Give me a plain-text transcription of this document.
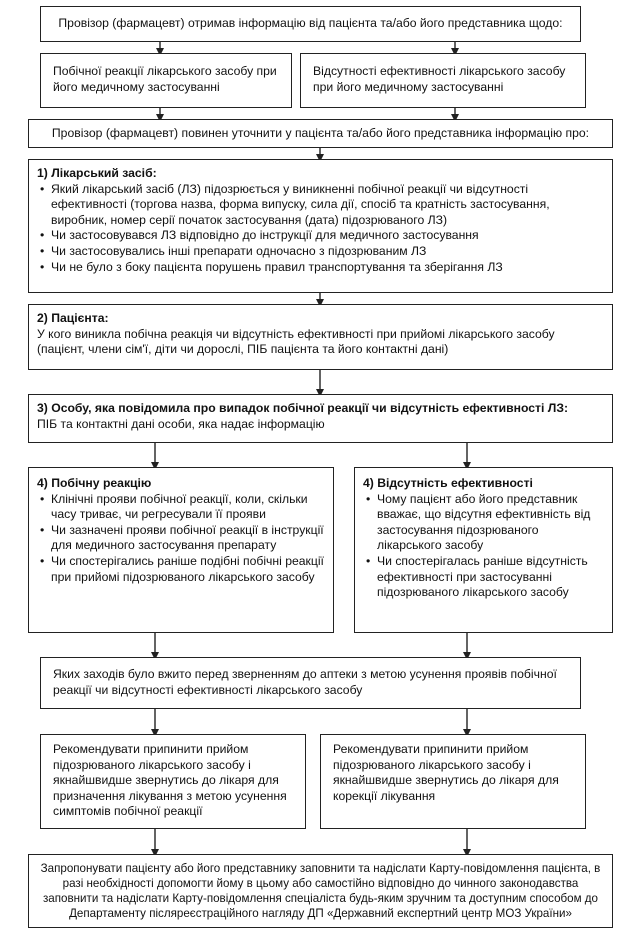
Провізор (фармацевт) отримав інформацію від пацієнта та/або його представника щодо:
Побічної реакції лікарського засобу при його медичному застосуванні
Відсутності ефективності лікарського засобу при його медичному застосуванні
Провізор (фармацевт) повинен уточнити у пацієнта та/або його представника інформацію про:
1) Лікарський засіб:
• Який лікарський засіб (ЛЗ) підозрюється у виникненні побічної реакції чи відсутності ефективності (торгова назва, форма випуску, сила дії, спосіб та кратність застосування, виробник, номер серії початок застосування (дата) підозрюваного ЛЗ)
• Чи застосовувався ЛЗ відповідно до інструкції для медичного застосування
• Чи застосовувались інші препарати одночасно з підозрюваним ЛЗ
• Чи не було з боку пацієнта порушень правил транспортування та зберігання ЛЗ
2) Пацієнта:
У кого виникла побічна реакція чи відсутність ефективності при прийомі лікарського засобу (пацієнт, члени сім'ї, діти чи дорослі, ПІБ пацієнта та його контактні дані)
3) Особу, яка повідомила про випадок побічної реакції чи відсутність ефективності ЛЗ:
ПІБ та контактні дані особи, яка надає інформацію
4) Побічну реакцію
• Клінічні прояви побічної реакції, коли, скільки часу триває, чи регресували її прояви
• Чи зазначені прояви побічної реакції в інструкції для медичного застосування препарату
• Чи спостерігались раніше подібні побічні реакції при прийомі підозрюваного лікарського засобу
4) Відсутність ефективності
• Чому пацієнт або його представник вважає, що відсутня ефективність від застосування підозрюваного лікарського засобу
• Чи спостерігалась раніше відсутність ефективності при застосуванні підозрюваного лікарського засобу
Яких заходів було вжито перед зверненням до аптеки з метою усунення проявів побічної реакції чи відсутності ефективності лікарського засобу
Рекомендувати припинити прийом підозрюваного лікарського засобу і якнайшвидше звернутись до лікаря для призначення лікування з метою усунення симптомів побічної реакції
Рекомендувати припинити прийом підозрюваного лікарського засобу і якнайшвидше звернутись до лікаря для корекції лікування
Запропонувати пацієнту або його представнику заповнити та надіслати Карту-повідомлення пацієнта, в разі необхідності допомогти йому в цьому або самостійно відповідно до чинного законодавства заповнити та надіслати Карту-повідомлення спеціаліста будь-яким зручним та доступним способом до Департаменту післяреєстраційного нагляду ДП «Державний експертний центр МОЗ України»
